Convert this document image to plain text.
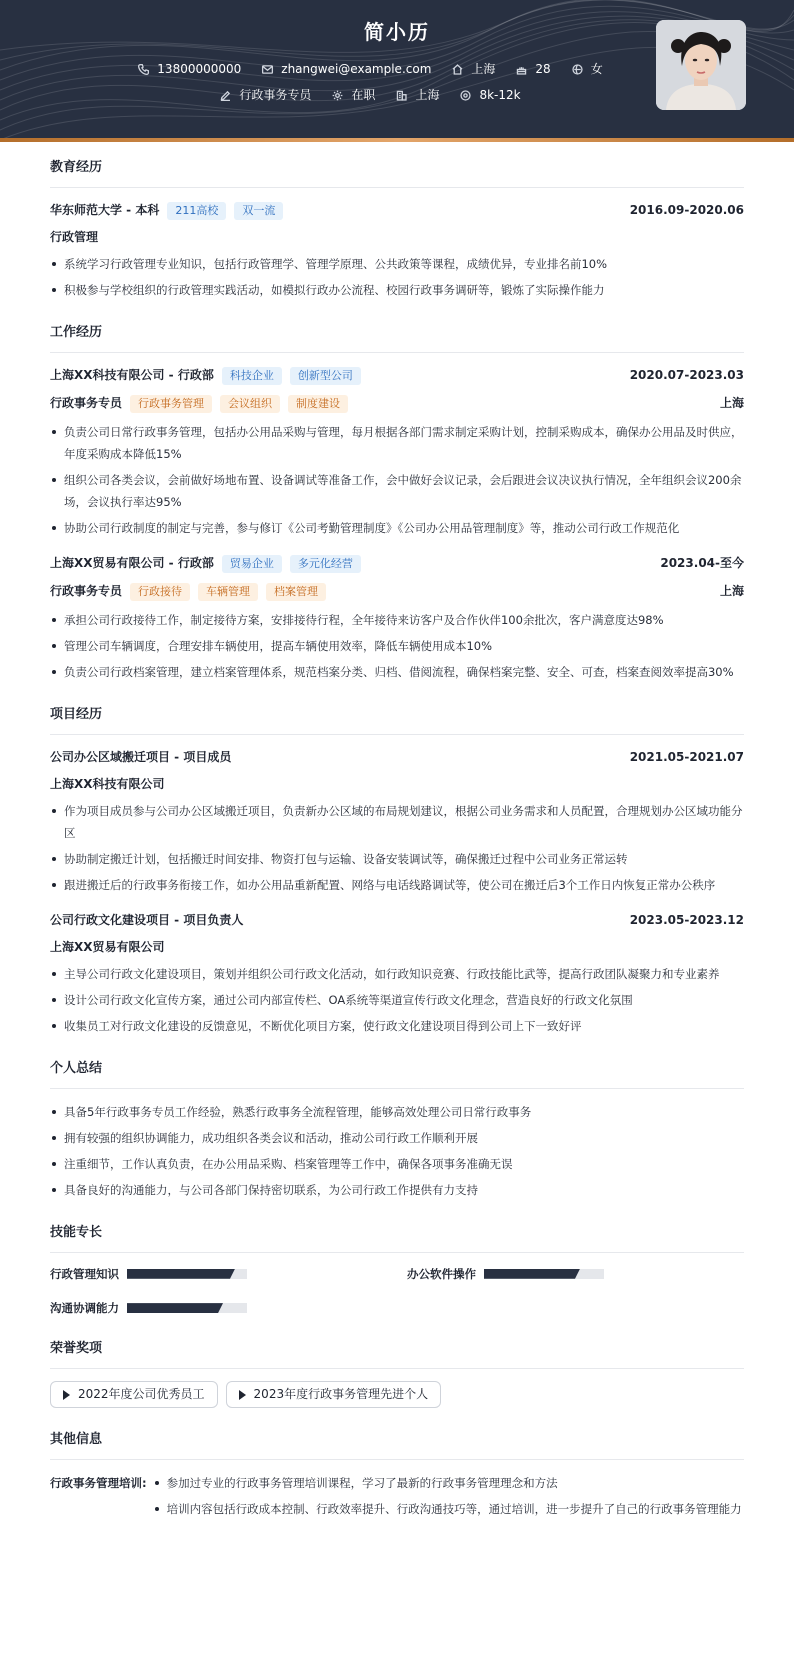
简小历
13800000000	zhangwei@example.com	上海	28	女
行政事务专员	在职	上海	8k-12k
教育经历
华东师范大学 - 本科	211高校	双一流	2016.09-2020.06
行政管理
系统学习行政管理专业知识，包括行政管理学、管理学原理、公共政策等课程，成绩优异，专业排名前10%
积极参与学校组织的行政管理实践活动，如模拟行政办公流程、校园行政事务调研等，锻炼了实际操作能力
工作经历
上海XX科技有限公司 - 行政部	科技企业	创新型公司	2020.07-2023.03
行政事务专员	行政事务管理	会议组织	制度建设	上海
负责公司日常行政事务管理，包括办公用品采购与管理，每月根据各部门需求制定采购计划，控制采购成本，确保办公用品及时供应，年度采购成本降低15%
组织公司各类会议，会前做好场地布置、设备调试等准备工作，会中做好会议记录，会后跟进会议决议执行情况，全年组织会议200余场，会议执行率达95%
协助公司行政制度的制定与完善，参与修订《公司考勤管理制度》《公司办公用品管理制度》等，推动公司行政工作规范化
上海XX贸易有限公司 - 行政部	贸易企业	多元化经营	2023.04-至今
行政事务专员	行政接待	车辆管理	档案管理	上海
承担公司行政接待工作，制定接待方案，安排接待行程，全年接待来访客户及合作伙伴100余批次，客户满意度达98%
管理公司车辆调度，合理安排车辆使用，提高车辆使用效率，降低车辆使用成本10%
负责公司行政档案管理，建立档案管理体系，规范档案分类、归档、借阅流程，确保档案完整、安全、可查，档案查阅效率提高30%
项目经历
公司办公区域搬迁项目 - 项目成员	2021.05-2021.07
上海XX科技有限公司
作为项目成员参与公司办公区域搬迁项目，负责新办公区域的布局规划建议，根据公司业务需求和人员配置，合理规划办公区域功能分区
协助制定搬迁计划，包括搬迁时间安排、物资打包与运输、设备安装调试等，确保搬迁过程中公司业务正常运转
跟进搬迁后的行政事务衔接工作，如办公用品重新配置、网络与电话线路调试等，使公司在搬迁后3个工作日内恢复正常办公秩序
公司行政文化建设项目 - 项目负责人	2023.05-2023.12
上海XX贸易有限公司
主导公司行政文化建设项目，策划并组织公司行政文化活动，如行政知识竞赛、行政技能比武等，提高行政团队凝聚力和专业素养
设计公司行政文化宣传方案，通过公司内部宣传栏、OA系统等渠道宣传行政文化理念，营造良好的行政文化氛围
收集员工对行政文化建设的反馈意见，不断优化项目方案，使行政文化建设项目得到公司上下一致好评
个人总结
具备5年行政事务专员工作经验，熟悉行政事务全流程管理，能够高效处理公司日常行政事务
拥有较强的组织协调能力，成功组织各类会议和活动，推动公司行政工作顺利开展
注重细节，工作认真负责，在办公用品采购、档案管理等工作中，确保各项事务准确无误
具备良好的沟通能力，与公司各部门保持密切联系，为公司行政工作提供有力支持
技能专长
行政管理知识	办公软件操作
沟通协调能力
荣誉奖项
2022年度公司优秀员工	2023年度行政事务管理先进个人
其他信息
行政事务管理培训:	参加过专业的行政事务管理培训课程，学习了最新的行政事务管理理念和方法
培训内容包括行政成本控制、行政效率提升、行政沟通技巧等，通过培训，进一步提升了自己的行政事务管理能力
